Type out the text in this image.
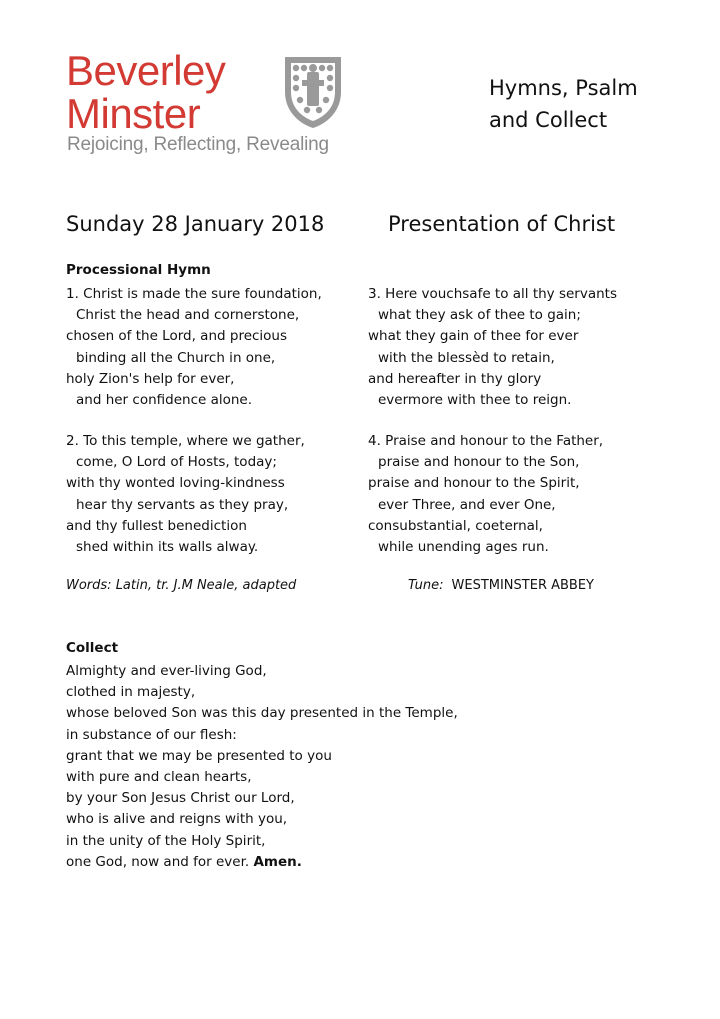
Beverley
Minster
Rejoicing, Reflecting, Revealing
Hymns, Psalm
and Collect
Sunday 28 January 2018	Presentation of Christ
Processional Hymn
1. Christ is made the sure foundation,
Christ the head and cornerstone,
chosen of the Lord, and precious
binding all the Church in one,
holy Zion's help for ever,
and her confidence alone.
2. To this temple, where we gather,
come, O Lord of Hosts, today;
with thy wonted loving-kindness
hear thy servants as they pray,
and thy fullest benediction
shed within its walls alway.
3. Here vouchsafe to all thy servants
what they ask of thee to gain;
what they gain of thee for ever
with the blessèd to retain,
and hereafter in thy glory
evermore with thee to reign.
4. Praise and honour to the Father,
praise and honour to the Son,
praise and honour to the Spirit,
ever Three, and ever One,
consubstantial, coeternal,
while unending ages run.
Words: Latin, tr. J.M Neale, adapted	Tune: WESTMINSTER ABBEY
Collect
Almighty and ever-living God,
clothed in majesty,
whose beloved Son was this day presented in the Temple,
in substance of our flesh:
grant that we may be presented to you
with pure and clean hearts,
by your Son Jesus Christ our Lord,
who is alive and reigns with you,
in the unity of the Holy Spirit,
one God, now and for ever. Amen.
